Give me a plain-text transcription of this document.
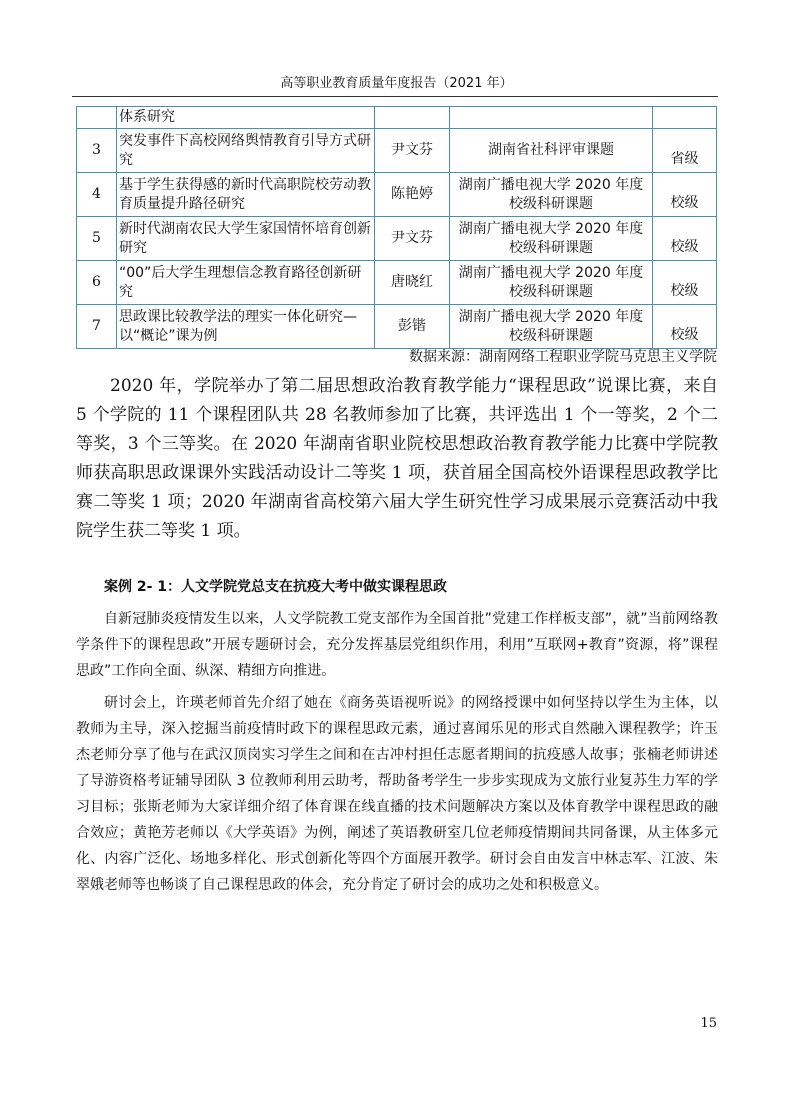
高等职业教育质量年度报告（2021 年）
	体系研究			
3	突发事件下高校网络舆情教育引导方式研究	尹文芬	湖南省社科评审课题	省级
4	基于学生获得感的新时代高职院校劳动教育质量提升路径研究	陈艳婷	湖南广播电视大学 2020 年度校级科研课题	校级
5	新时代湖南农民大学生家国情怀培育创新研究	尹文芬	湖南广播电视大学 2020 年度校级科研课题	校级
6	“00”后大学生理想信念教育路径创新研究	唐晓红	湖南广播电视大学 2020 年度校级科研课题	校级
7	思政课比较教学法的理实一体化研究—以“概论”课为例	彭锴	湖南广播电视大学 2020 年度校级科研课题	校级
数据来源：湖南网络工程职业学院马克思主义学院

2020 年，学院举办了第二届思想政治教育教学能力“课程思政”说课比赛，来自 5 个学院的 11 个课程团队共 28 名教师参加了比赛，共评选出 1 个一等奖，2 个二等奖，3 个三等奖。在 2020 年湖南省职业院校思想政治教育教学能力比赛中学院教师获高职思政课课外实践活动设计二等奖 1 项，获首届全国高校外语课程思政教学比赛二等奖 1 项；2020 年湖南省高校第六届大学生研究性学习成果展示竞赛活动中我院学生获二等奖 1 项。

案例 2- 1：人文学院党总支在抗疫大考中做实课程思政

自新冠肺炎疫情发生以来，人文学院教工党支部作为全国首批”党建工作样板支部”，就”当前网络教学条件下的课程思政”开展专题研讨会，充分发挥基层党组织作用，利用”互联网+教育”资源，将”课程思政”工作向全面、纵深、精细方向推进。

研讨会上，许瑛老师首先介绍了她在《商务英语视听说》的网络授课中如何坚持以学生为主体，以教师为主导，深入挖掘当前疫情时政下的课程思政元素，通过喜闻乐见的形式自然融入课程教学；许玉杰老师分享了他与在武汉顶岗实习学生之间和在古冲村担任志愿者期间的抗疫感人故事；张楠老师讲述了导游资格考证辅导团队 3 位教师利用云助考，帮助备考学生一步步实现成为文旅行业复苏生力军的学习目标；张斯老师为大家详细介绍了体育课在线直播的技术问题解决方案以及体育教学中课程思政的融合效应；黄艳芳老师以《大学英语》为例，阐述了英语教研室几位老师疫情期间共同备课，从主体多元化、内容广泛化、场地多样化、形式创新化等四个方面展开教学。研讨会自由发言中林志军、江波、朱翠娥老师等也畅谈了自己课程思政的体会，充分肯定了研讨会的成功之处和积极意义。

15
